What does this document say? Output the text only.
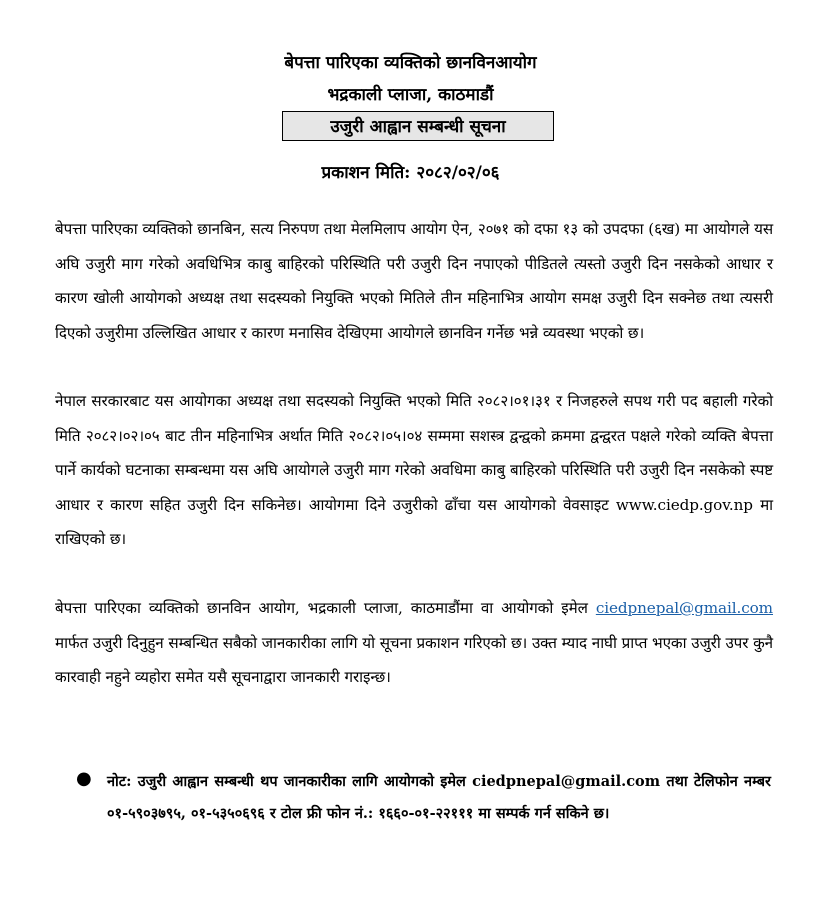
बेपत्ता पारिएका व्यक्तिको छानविनआयोग
भद्रकाली प्लाजा, काठमाडौं
उजुरी आह्वान सम्बन्धी सूचना
प्रकाशन मिति: २०८२/०२/०६
बेपत्ता पारिएका व्यक्तिको छानबिन, सत्य निरुपण तथा मेलमिलाप आयोग ऐन, २०७१ को दफा १३ को उपदफा (६ख) मा आयोगले यस अघि उजुरी माग गरेको अवधिभित्र काबु बाहिरको परिस्थिति परी उजुरी दिन नपाएको पीडितले त्यस्तो उजुरी दिन नसकेको आधार र कारण खोली आयोगको अध्यक्ष तथा सदस्यको नियुक्ति भएको मितिले तीन महिनाभित्र आयोग समक्ष उजुरी दिन सक्नेछ तथा त्यसरी दिएको उजुरीमा उल्लिखित आधार र कारण मनासिव देखिएमा आयोगले छानविन गर्नेछ भन्ने व्यवस्था भएको छ।
नेपाल सरकारबाट यस आयोगका अध्यक्ष तथा सदस्यको नियुक्ति भएको मिति २०८२।०१।३१ र निजहरुले सपथ गरी पद बहाली गरेको मिति २०८२।०२।०५ बाट तीन महिनाभित्र अर्थात मिति २०८२।०५।०४ सम्ममा सशस्त्र द्वन्द्वको क्रममा द्वन्द्वरत पक्षले गरेको व्यक्ति बेपत्ता पार्ने कार्यको घटनाका सम्बन्धमा यस अघि आयोगले उजुरी माग गरेको अवधिमा काबु बाहिरको परिस्थिति परी उजुरी दिन नसकेको स्पष्ट आधार र कारण सहित उजुरी दिन सकिनेछ। आयोगमा दिने उजुरीको ढाँचा यस आयोगको वेवसाइट www.ciedp.gov.np मा राखिएको छ।
बेपत्ता पारिएका व्यक्तिको छानविन आयोग, भद्रकाली प्लाजा, काठमाडौंमा वा आयोगको इमेल ciedpnepal@gmail.com मार्फत उजुरी दिनुहुन सम्बन्धित सबैको जानकारीका लागि यो सूचना प्रकाशन गरिएको छ। उक्त म्याद नाघी प्राप्त भएका उजुरी उपर कुनै कारवाही नहुने व्यहोरा समेत यसै सूचनाद्वारा जानकारी गराइन्छ।
● नोट: उजुरी आह्वान सम्बन्धी थप जानकारीका लागि आयोगको इमेल ciedpnepal@gmail.com तथा टेलिफोन नम्बर ०१-५९०३७९५, ०१-५३५०६९६ र टोल फ्री फोन नं.: १६६०-०१-२२१११ मा सम्पर्क गर्न सकिने छ।
